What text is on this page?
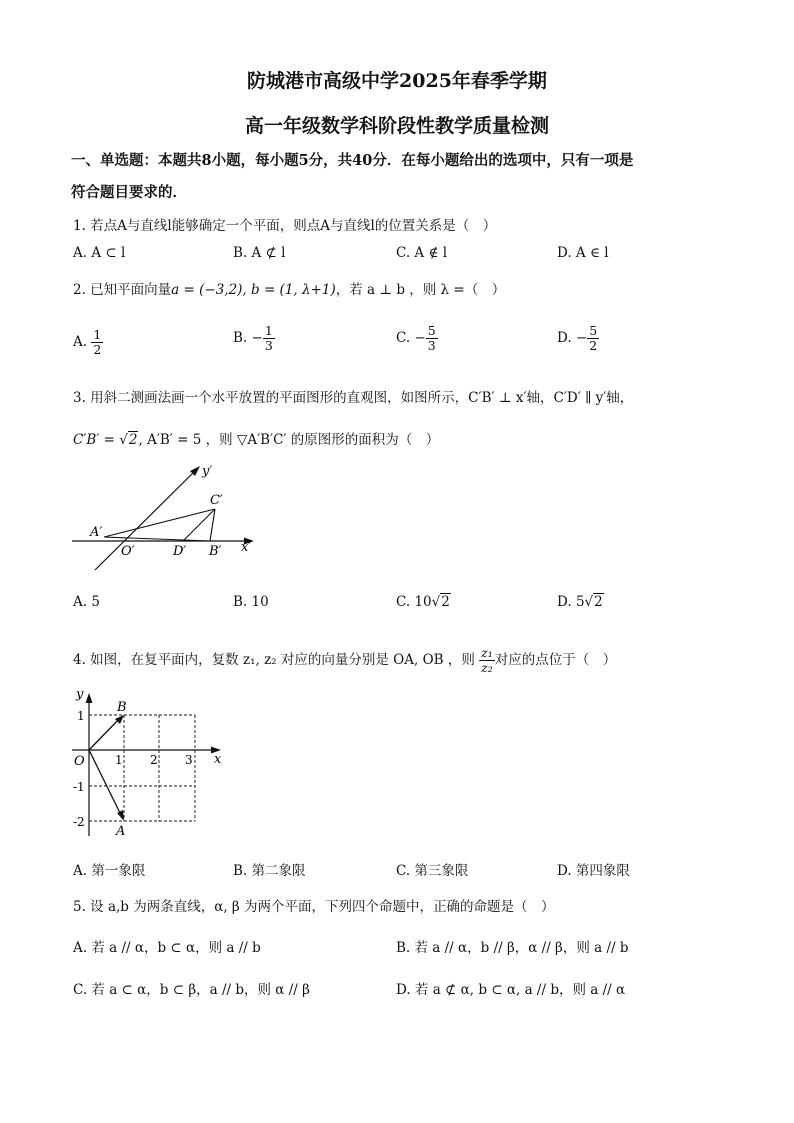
防城港市高级中学2025年春季学期
高一年级数学科阶段性教学质量检测
一、单选题：本题共8小题，每小题5分，共40分．在每小题给出的选项中，只有一项是
符合题目要求的．
1. 若点A与直线l能够确定一个平面，则点A与直线l的位置关系是（　）
A. A ⊂ l	B. A ⊄ l	C. A ∉ l	D. A ∈ l
2. 已知平面向量a = (−3,2), b = (1, λ+1)，若 a ⊥ b ，则 λ =（　）
A. $\frac{1}{2}$	B. − $\frac{1}{3}$	C. − $\frac{5}{3}$	D. − $\frac{5}{2}$
3. 用斜二测画法画一个水平放置的平面图形的直观图，如图所示，C′B′ ⊥ x′轴，C′D′ ∥ y′轴，
C′B′ = √2, A′B′ = 5 ，则 ▽A′B′C′ 的原图形的面积为（　）
y′
x′
A′
O′	D′ B′
C′
A. 5	B. 10	C. 10√2	D. 5√2
4. 如图，在复平面内，复数 z₁, z₂ 对应的向量分别是 OA, OB ，则 $\frac{\text{z₁}}{\text{z₂}}$ 对应的点位于（　）
y
x
O
B
A
1 2 3
1
-1
-2
A. 第一象限	B. 第二象限	C. 第三象限	D. 第四象限
5. 设 a,b 为两条直线，α, β 为两个平面，下列四个命题中，正确的命题是（　）
A. 若 a // α，b ⊂ α，则 a // b	B. 若 a // α，b // β，α // β，则 a // b
C. 若 a ⊂ α，b ⊂ β，a // b，则 α // β	D. 若 a ⊄ α, b ⊂ α, a // b，则 a // α
